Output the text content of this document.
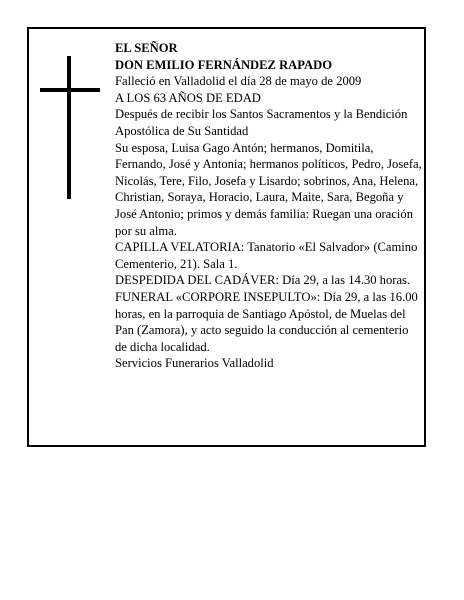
EL SEÑOR

DON EMILIO FERNÁNDEZ RAPADO

Falleció en Valladolid el día 28 de mayo de 2009

A LOS 63 AÑOS DE EDAD

Después de recibir los Santos Sacramentos y la Bendición Apostólica de Su Santidad

Su esposa, Luisa Gago Antón; hermanos, Domitila, Fernando, José y Antonia; hermanos políticos, Pedro, Josefa, Nicolás, Tere, Filo, Josefa y Lisardo; sobrinos, Ana, Helena, Christian, Soraya, Horacio, Laura, Maite, Sara, Begoña y José Antonio; primos y demás familia: Ruegan una oración por su alma.

CAPILLA VELATORIA: Tanatorio «El Salvador» (Camino Cementerio, 21). Sala 1.

DESPEDIDA DEL CADÁVER: Día 29, a las 14.30 horas.

FUNERAL «CORPORE INSEPULTO»: Día 29, a las 16.00 horas, en la parroquia de Santiago Apóstol, de Muelas del Pan (Zamora), y acto seguido la conducción al cementerio de dicha localidad.

Servicios Funerarios Valladolid
